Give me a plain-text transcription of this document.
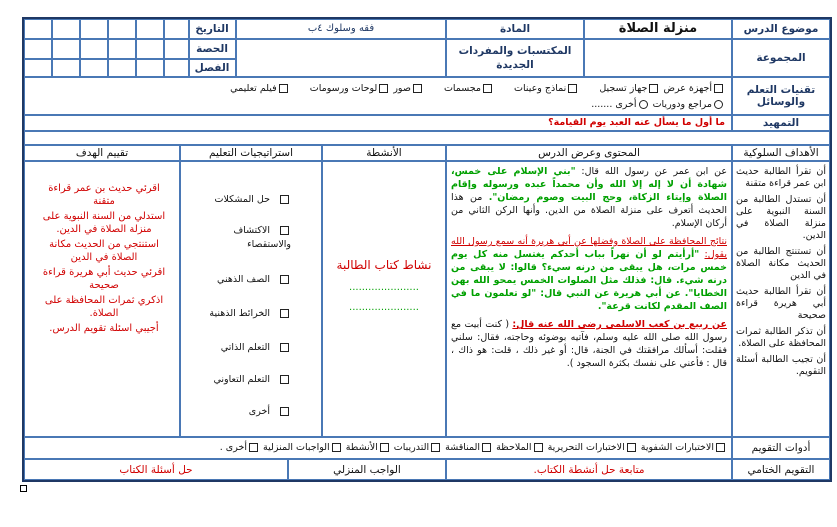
موضوع الدرس
منزلة الصلاة
المادة
فقه وسلوك ٤ب
التاريخ
المجموعة
المكتسبات والمفردات الجديدة
الحصة
الفصل
تقنيات التعلم والوسائل
أجهزة عرض جهاز تسجيل  نماذج وعينات  مجسمات  صور لوحات ورسومات  فيلم تعليمي
مراجع ودوريات أخرى .......
التمهيد
ما أول ما يسأل عنه العبد يوم القيامة؟
الأهداف السلوكية
المحتوى وعرض الدرس
الأنشطة
استراتيجيات التعليم
تقييم الهدف

أن تقرأ الطالبة حديث ابن عمر قراءة متقنة

أن تستدل الطالبة من السنة النبوية على منزلة الصلاة في الدين.

أن تستنتج الطالبة من الحديث مكانة الصلاة في الدين

أن تقرأ الطالبة حديث أبي هريرة قراءة صحيحة

أن تذكر الطالبة ثمرات المحافظة على الصلاة.

أن تجيب الطالبة أسئلة التقويم.

عن ابن عمر عن رسول الله قال: "بني الإسلام على خمس، شهادة أن لا إله إلا الله وأن محمداً عبده ورسوله وإقام الصلاة وإيتاء الزكاة، وحج البيت وصوم رمضان". من هذا الحديث أتعرف على منزلة الصلاة من الدين. وأنها الركن الثاني من أركان الإسلام.

نتائج المحافظة على الصلاة وفضلها عن أبي هريرة أنه سمع رسول الله يقول: "أرأيتم لو أن نهراً بباب أحدكم يغتسل منه كل يوم خمس مرات، هل يبقى من درنه سيء؟ قالوا: لا يبقى من درنه شيء. قال: فذلك مثل الصلوات الخمس يمحو الله بهن الخطايا". عن أبي هريرة عن النبي قال: "لو تعلمون ما في الصف المقدم لكانت قرعة".

عن ربيع بن كعب الاسلمي رضي الله عنه قال: ( كنت أبيت مع رسول الله صلى الله عليه وسلم، فآتيه بوضوئه وحاجته، فقال: سلني فقلت: أسألك مرافقتك في الجنة، قال: أو غير ذلك ، قلت: هو ذاك ، قال : فأعني على نفسك بكثرة السجود ).

نشاط كتاب الطالبة
......................
......................
حل المشكلات
الاكتشاف والاستقصاء
الصف الذهني
الخرائط الذهنية
التعلم الذاتي
التعلم التعاوني
أخرى

اقرئي حديث بن عمر قراءة متقنة

استدلي من السنة النبوية على منزلة الصلاة في الدين.

استنتجي من الحديث مكانة الصلاة في الدين

اقرئي حديث أبي هريرة قراءة صحيحة

اذكري ثمرات المحافظة على الصلاة.

أجيبي اسئلة تقويم الدرس.

أدوات التقويم
الاختبارات الشفوية الاختبارات التحريرية الملاحظة المناقشة التدريبات الأنشطة الواجبات المنزلية أخرى .
التقويم الختامي
متابعة حل أنشطة الكتاب.
الواجب المنزلي
حل أسئلة الكتاب
